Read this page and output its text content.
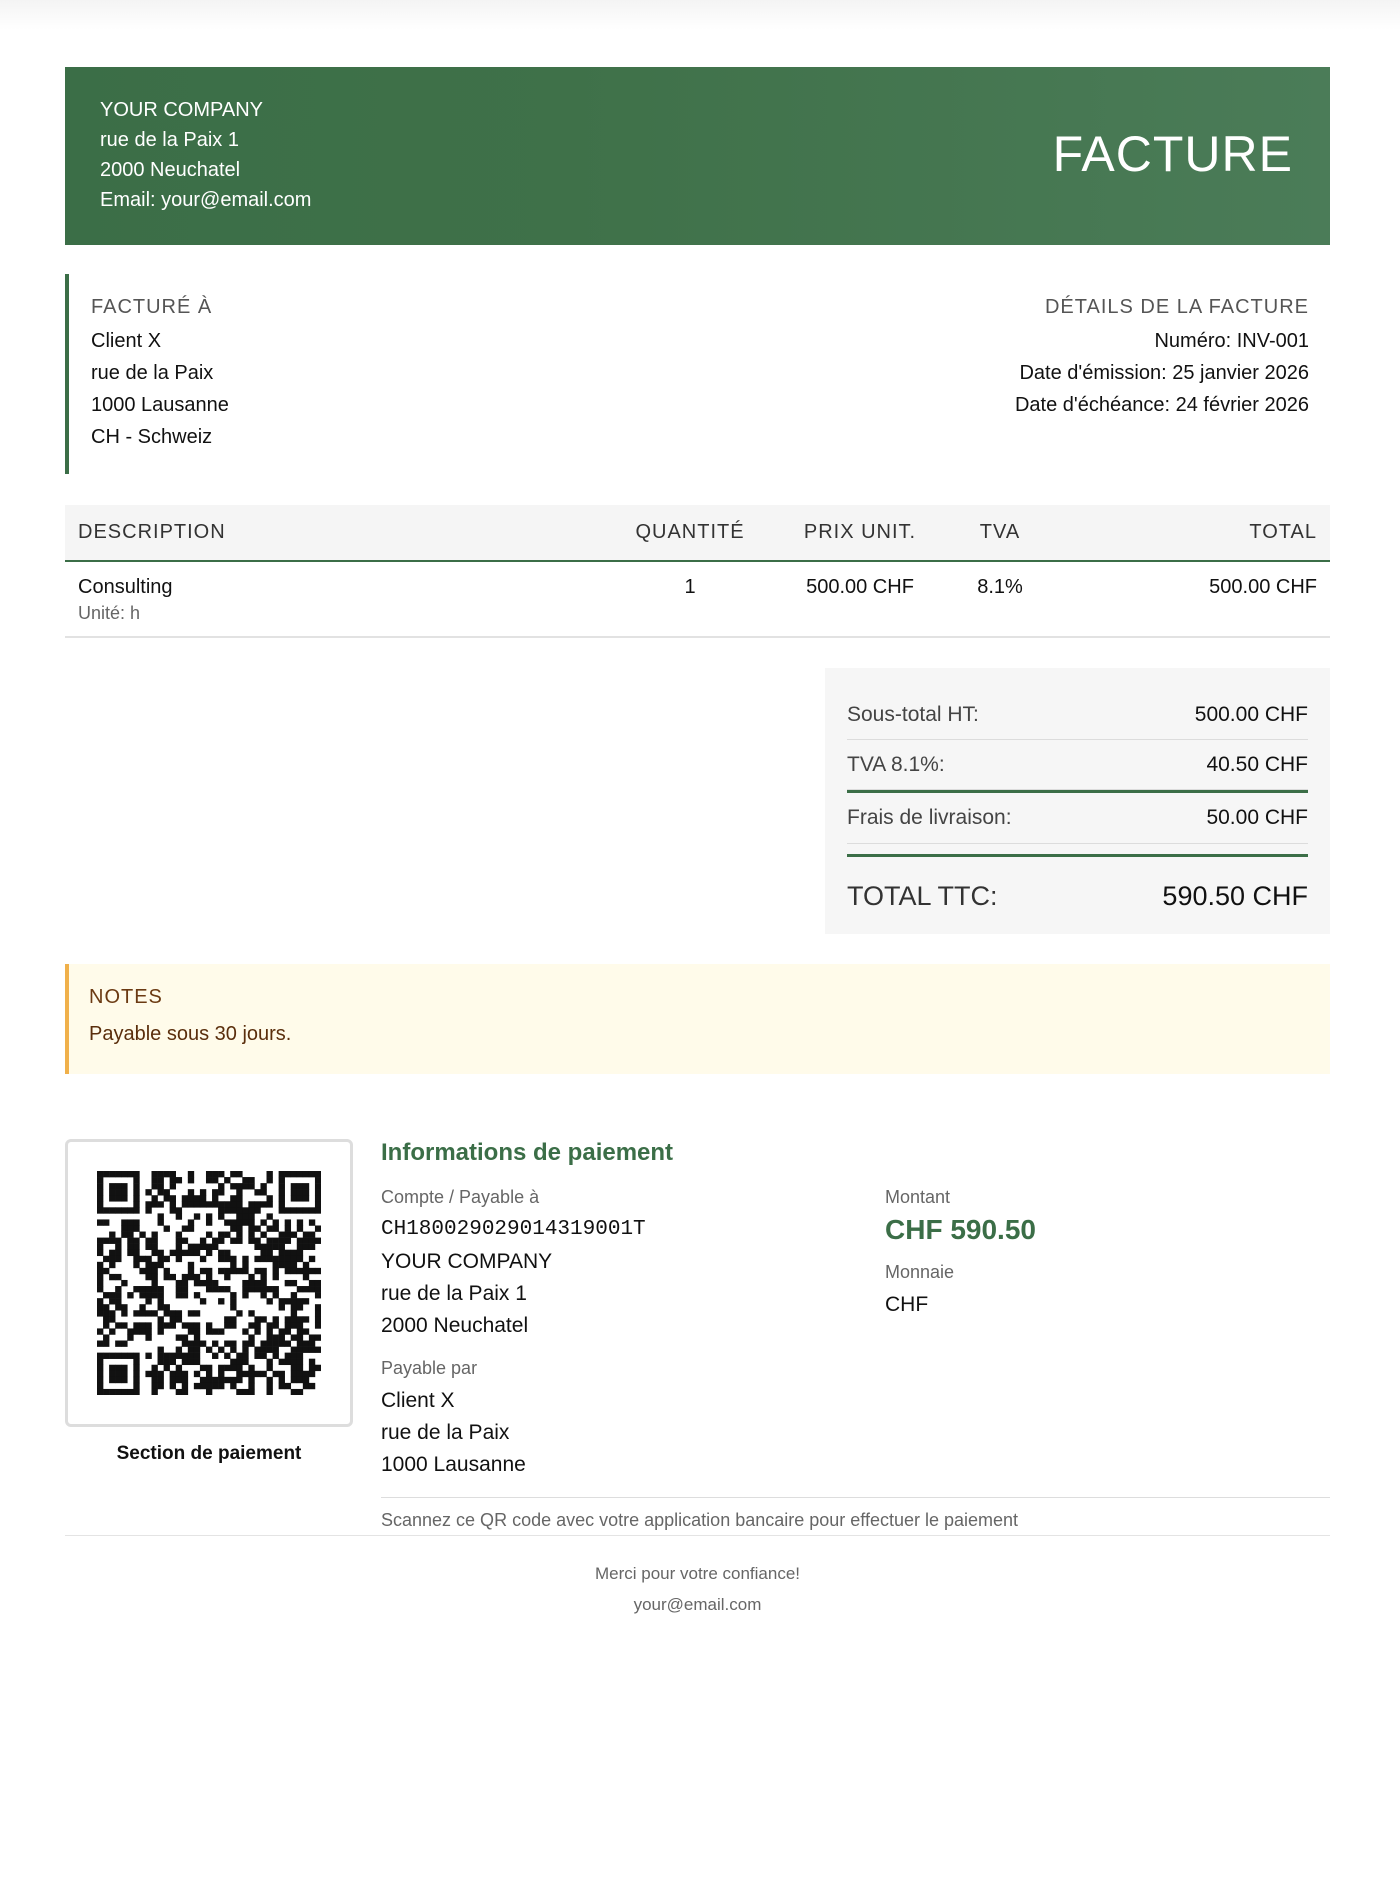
YOUR COMPANY
rue de la Paix 1
2000 Neuchatel
Email: your@email.com
FACTURE
FACTURÉ À
Client X
rue de la Paix
1000 Lausanne
CH - Schweiz
DÉTAILS DE LA FACTURE
Numéro: INV-001
Date d'émission: 25 janvier 2026
Date d'échéance: 24 février 2026
DESCRIPTION	QUANTITÉ	PRIX UNIT.	TVA	TOTAL

Consulting
Unité: h	1	500.00 CHF	8.1%	500.00 CHF
Sous-total HT:	500.00 CHF
TVA 8.1%:	40.50 CHF
Frais de livraison:	50.00 CHF
TOTAL TTC:	590.50 CHF
NOTES
Payable sous 30 jours.
Section de paiement
Informations de paiement
Compte / Payable à
CH180029029014319001T
YOUR COMPANY
rue de la Paix 1
2000 Neuchatel
Payable par
Client X
rue de la Paix
1000 Lausanne
Montant
CHF 590.50
Monnaie
CHF
Scannez ce QR code avec votre application bancaire pour effectuer le paiement
Merci pour votre confiance!
your@email.com
